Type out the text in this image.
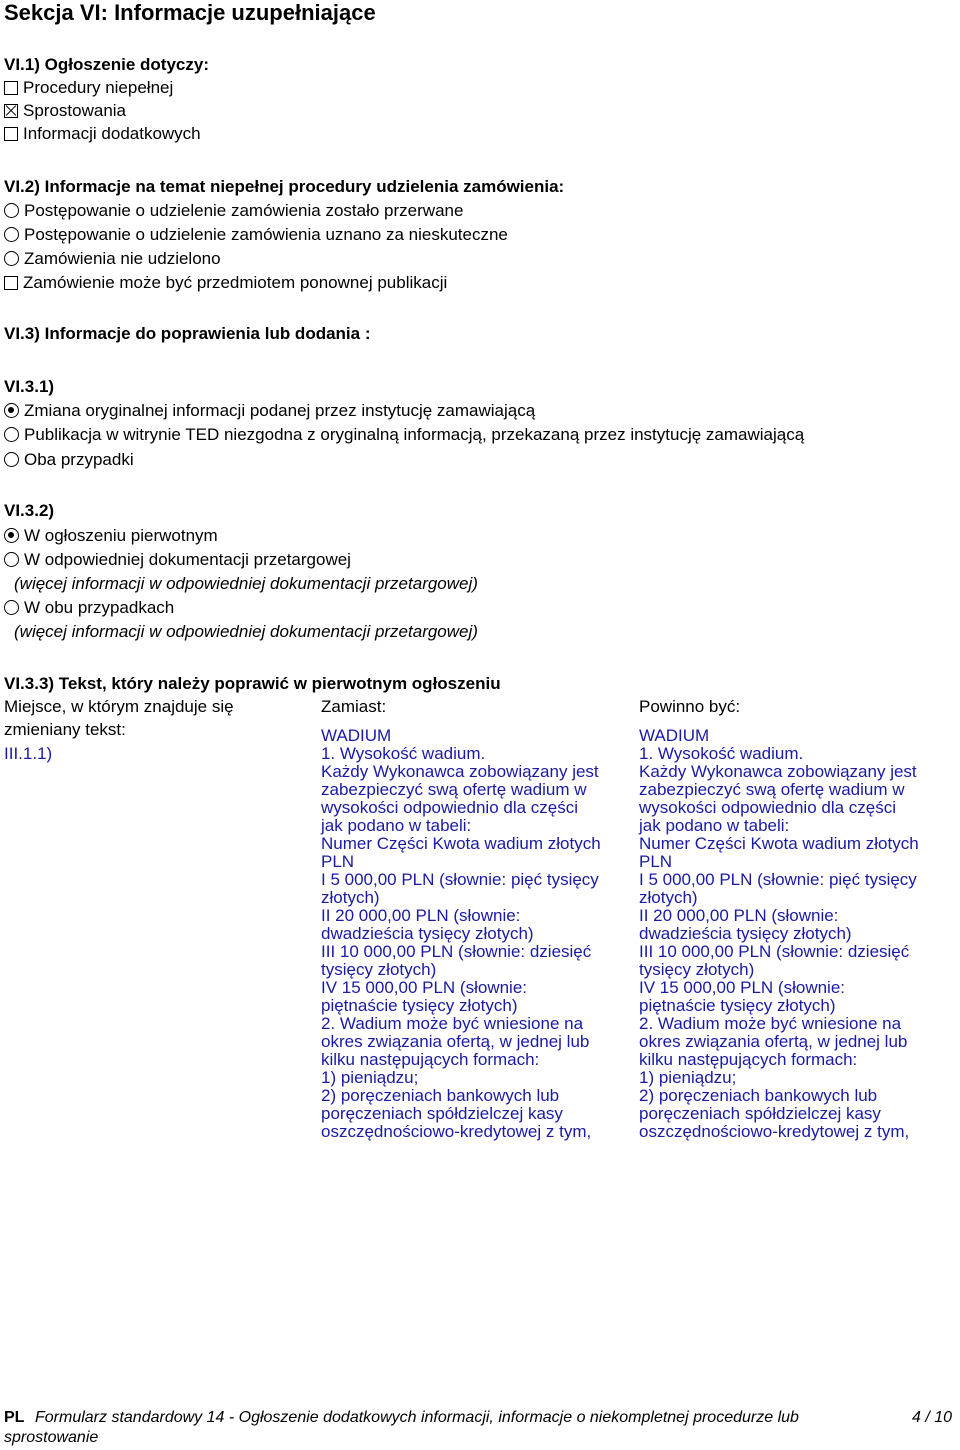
Sekcja VI: Informacje uzupełniające
VI.1) Ogłoszenie dotyczy:
Procedury niepełnej
Sprostowania
Informacji dodatkowych
VI.2) Informacje na temat niepełnej procedury udzielenia zamówienia:
Postępowanie o udzielenie zamówienia zostało przerwane
Postępowanie o udzielenie zamówienia uznano za nieskuteczne
Zamówienia nie udzielono
Zamówienie może być przedmiotem ponownej publikacji
VI.3) Informacje do poprawienia lub dodania :
VI.3.1)
Zmiana oryginalnej informacji podanej przez instytucję zamawiającą
Publikacja w witrynie TED niezgodna z oryginalną informacją, przekazaną przez instytucję zamawiającą
Oba przypadki
VI.3.2)
W ogłoszeniu pierwotnym
W odpowiedniej dokumentacji przetargowej
(więcej informacji w odpowiedniej dokumentacji przetargowej)
W obu przypadkach
(więcej informacji w odpowiedniej dokumentacji przetargowej)
VI.3.3) Tekst, który należy poprawić w pierwotnym ogłoszeniu
Miejsce, w którym znajduje się
zmieniany tekst:
III.1.1)
Zamiast:	Powinno być:
WADIUM
1. Wysokość wadium.
Każdy Wykonawca zobowiązany jest
zabezpieczyć swą ofertę wadium w
wysokości odpowiednio dla części
jak podano w tabeli:
Numer Części Kwota wadium złotych
PLN
I 5 000,00 PLN (słownie: pięć tysięcy
złotych)
II 20 000,00 PLN (słownie:
dwadzieścia tysięcy złotych)
III 10 000,00 PLN (słownie: dziesięć
tysięcy złotych)
IV 15 000,00 PLN (słownie:
piętnaście tysięcy złotych)
2. Wadium może być wniesione na
okres związania ofertą, w jednej lub
kilku następujących formach:
1) pieniądzu;
2) poręczeniach bankowych lub
poręczeniach spółdzielczej kasy
oszczędnościowo-kredytowej z tym,
WADIUM
1. Wysokość wadium.
Każdy Wykonawca zobowiązany jest
zabezpieczyć swą ofertę wadium w
wysokości odpowiednio dla części
jak podano w tabeli:
Numer Części Kwota wadium złotych
PLN
I 5 000,00 PLN (słownie: pięć tysięcy
złotych)
II 20 000,00 PLN (słownie:
dwadzieścia tysięcy złotych)
III 10 000,00 PLN (słownie: dziesięć
tysięcy złotych)
IV 15 000,00 PLN (słownie:
piętnaście tysięcy złotych)
2. Wadium może być wniesione na
okres związania ofertą, w jednej lub
kilku następujących formach:
1) pieniądzu;
2) poręczeniach bankowych lub
poręczeniach spółdzielczej kasy
oszczędnościowo-kredytowej z tym,
PL Formularz standardowy 14 - Ogłoszenie dodatkowych informacji, informacje o niekompletnej procedurze lub
sprostowanie
4 / 10
